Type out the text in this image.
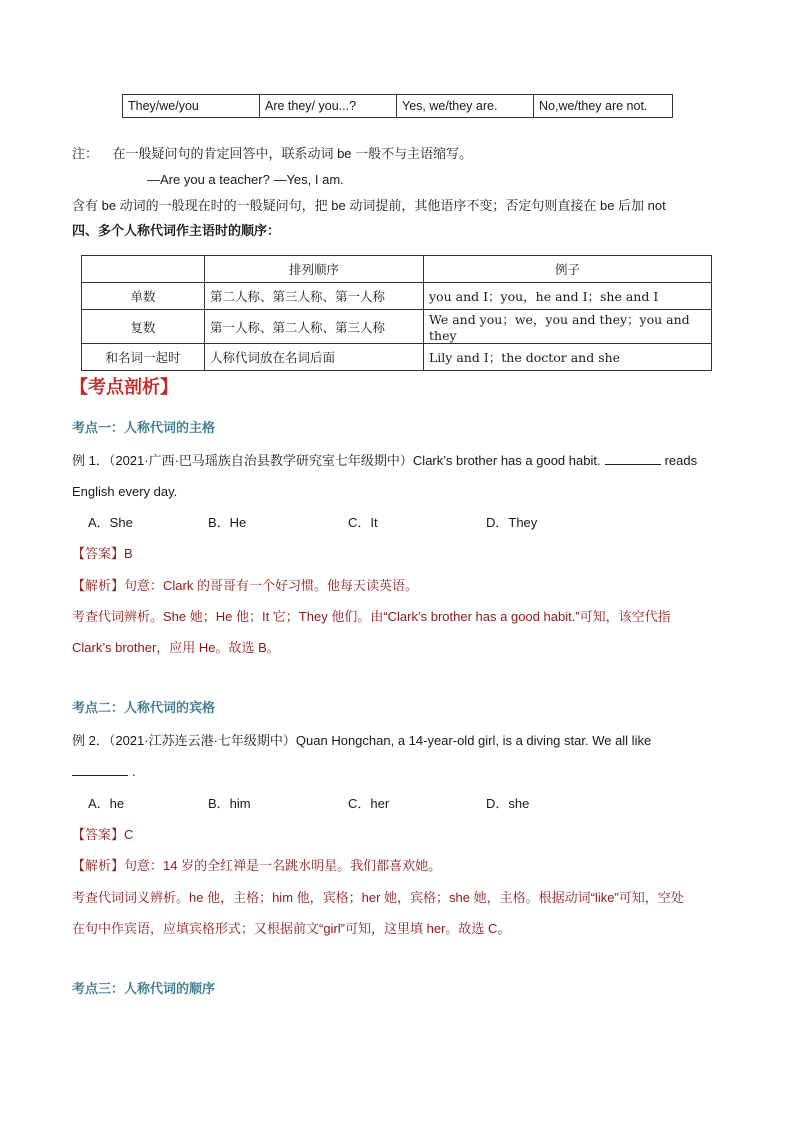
They/we/you	Are they/ you...?	Yes, we/they are.	No,we/they are not.
注： 在一般疑问句的肯定回答中，联系动词 be 一般不与主语缩写。
—Are you a teacher? —Yes, I am.
含有 be 动词的一般现在时的一般疑问句，把 be 动词提前，其他语序不变；否定句则直接在 be 后加 not
四、多个人称代词作主语时的顺序：
	排列顺序	例子
单数	第二人称、第三人称、第一人称	you and I；you，he and I；she and I
复数	第一人称、第二人称、第三人称	We and you；we，you and they；you and they
和名词一起时	人称代词放在名词后面	Lily and I；the doctor and she
【考点剖析】
考点一：人称代词的主格
例 1．（2021·广西·巴马瑶族自治县教学研究室七年级期中）Clark’s brother has a good habit.	reads
English every day.
A．She	B．He	C．It	D．They
【答案】B
【解析】句意：Clark 的哥哥有一个好习惯。他每天读英语。
考查代词辨析。She 她；He 他；It 它；They 他们。由“Clark’s brother has a good habit.”可知，该空代指
Clark’s brother，应用 He。故选 B。
考点二：人称代词的宾格
例 2．（2021·江苏连云港·七年级期中）Quan Hongchan, a 14-year-old girl, is a diving star. We all like
.
A．he	B．him	C．her	D．she
【答案】C
【解析】句意：14 岁的全红禅是一名跳水明星。我们都喜欢她。
考查代词词义辨析。he 他，主格；him 他，宾格；her 她，宾格；she 她，主格。根据动词“like”可知，空处
在句中作宾语，应填宾格形式；又根据前文“girl”可知，这里填 her。故选 C。
考点三：人称代词的顺序
